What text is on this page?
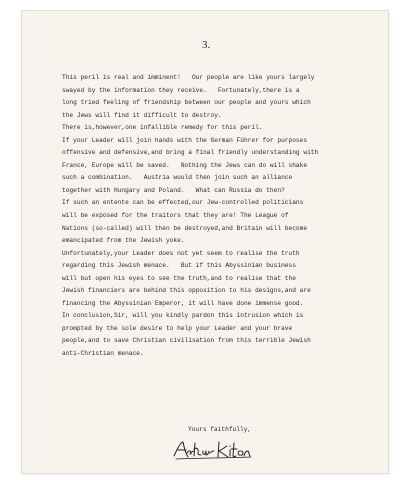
3.
This peril is real and imminent!   Our people are like yours largely
swayed by the information they receive.   Fortunately,there is a
long tried feeling of friendship between our people and yours which
the Jews will find it difficult to destroy.
There is,however,one infallible remedy for this peril.
If your Leader will join hands with the German Führer for purposes
offensive and defensive,and bring a final friendly understanding with
France, Europe will be saved.   Nothing the Jews can do will shake
such a combination.   Austria would then join such an alliance
together with Hungary and Poland.   What can Russia do then?
If such an entente can be effected,our Jew-controlled politicians
will be exposed for the traitors that they are! The League of
Nations (so-called) will then be destroyed,and Britain will become
emancipated from the Jewish yoke.
Unfortunately,your Leader does not yet seem to realise the truth
regarding this Jewish menace.   But if this Abyssinian business
will but open his eyes to see the truth,and to realise that the
Jewish financiers are behind this opposition to his designs,and are
financing the Abyssinian Emperor, it will have done immense good.
In conclusion,Sir, will you kindly pardon this intrusion which is
prompted by the sole desire to help your Leader and your brave
people,and to save Christian civilisation from this terrible Jewish
anti-Christian menace.
Yours faithfully,
